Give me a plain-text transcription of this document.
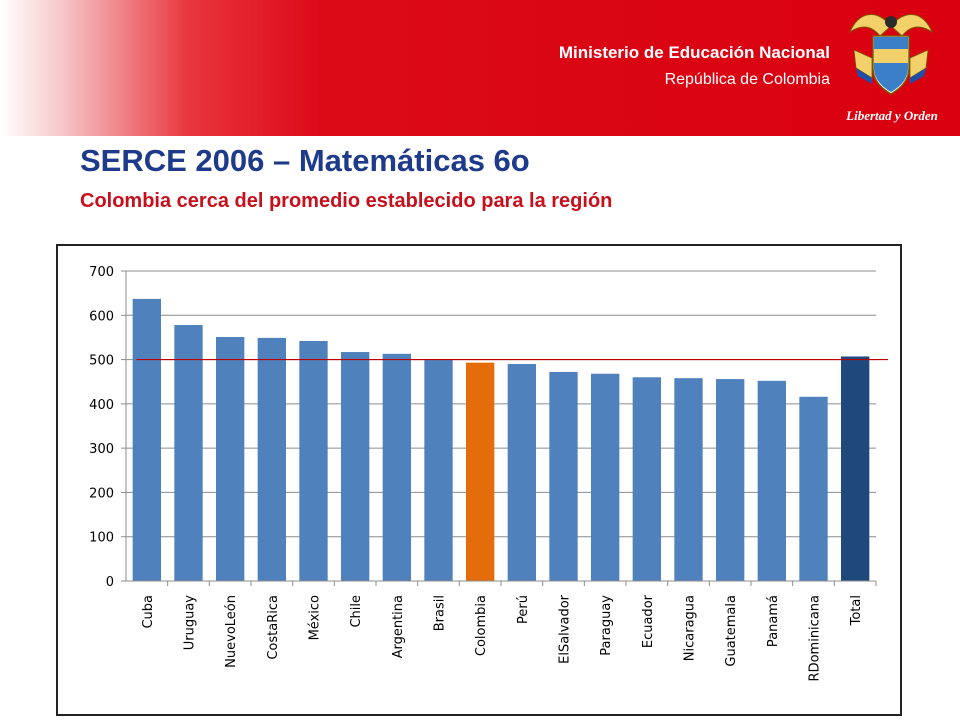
Ministerio de Educación Nacional
República de Colombia
Libertad y Orden
SERCE 2006 – Matemáticas 6o
Colombia cerca del promedio establecido para la región
0
100
200
300
400
500
600
700
Cuba Uruguay NuevoLeón CostaRica México Chile Argentina Brasil Colombia Perú ElSalvador Paraguay Ecuador Nicaragua Guatemala Panamá RDominicana Total
